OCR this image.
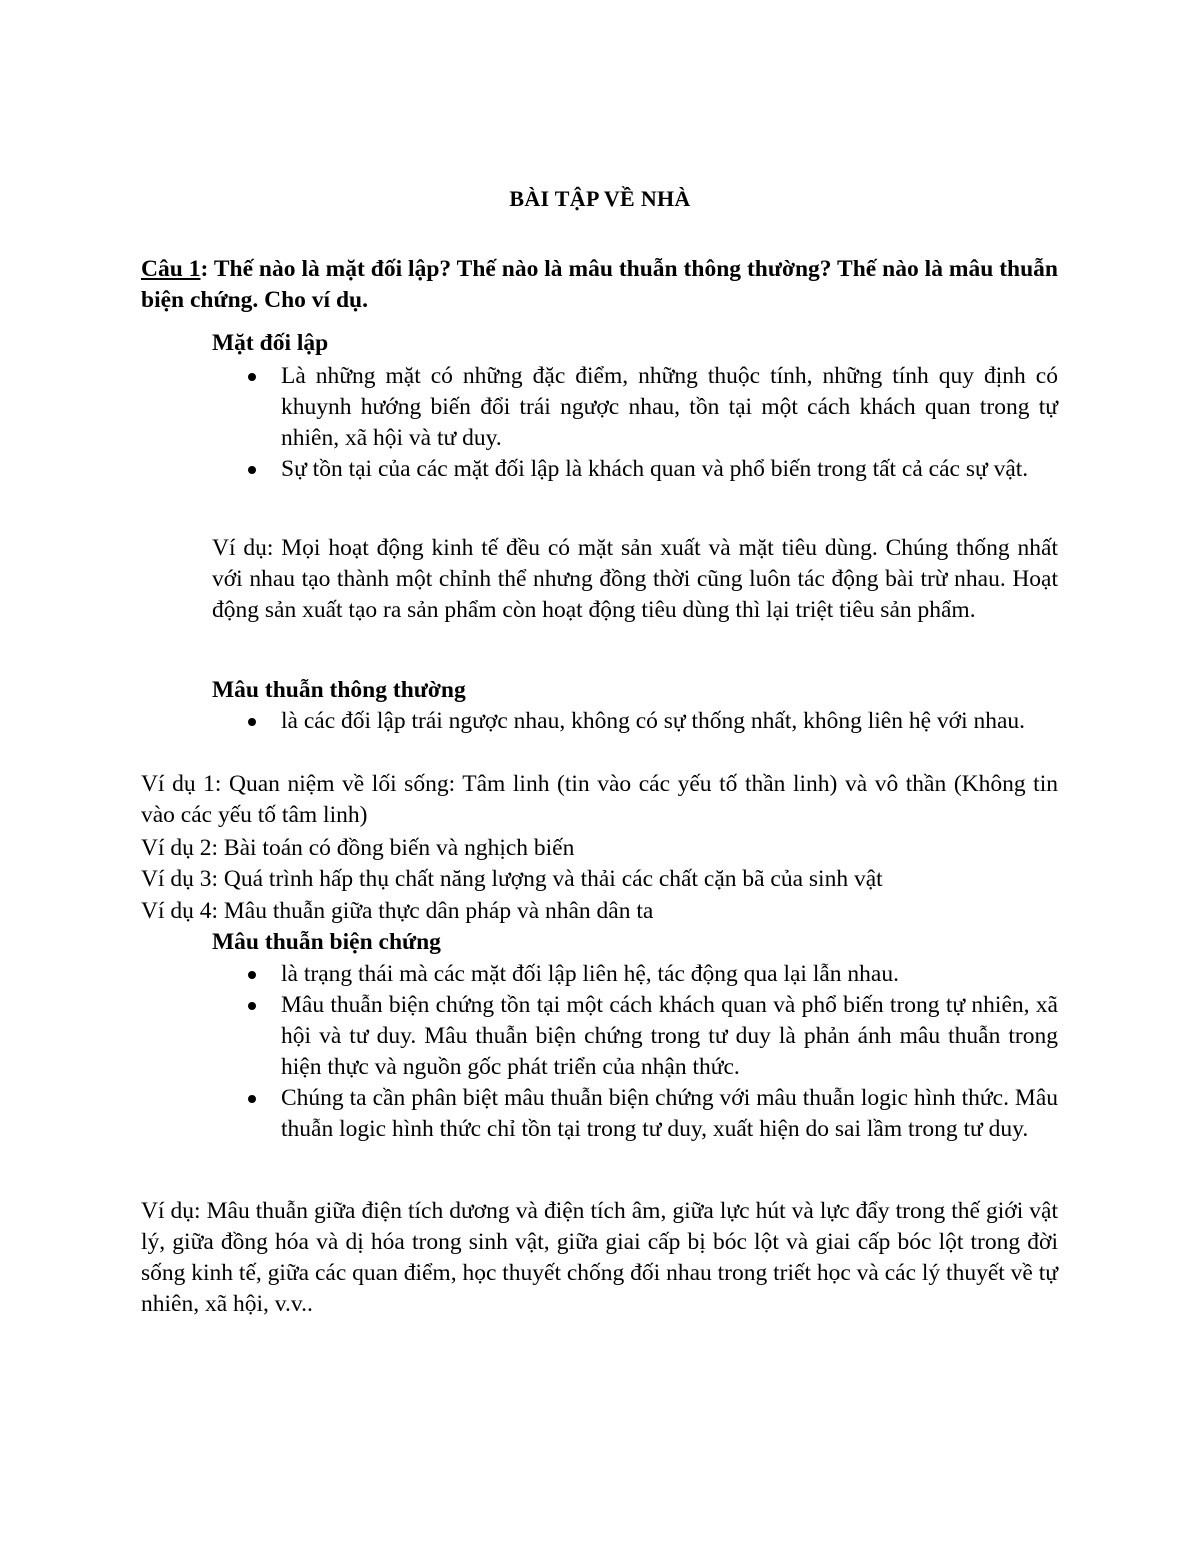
BÀI TẬP VỀ NHÀ
Câu 1: Thế nào là mặt đối lập? Thế nào là mâu thuẫn thông thường? Thế nào là mâu thuẫn biện chứng. Cho ví dụ.
Mặt đối lập
Là những mặt có những đặc điểm, những thuộc tính, những tính quy định có khuynh hướng biến đổi trái ngược nhau, tồn tại một cách khách quan trong tự nhiên, xã hội và tư duy.
Sự tồn tại của các mặt đối lập là khách quan và phổ biến trong tất cả các sự vật.
Ví dụ: Mọi hoạt động kinh tế đều có mặt sản xuất và mặt tiêu dùng. Chúng thống nhất với nhau tạo thành một chỉnh thể nhưng đồng thời cũng luôn tác động bài trừ nhau. Hoạt động sản xuất tạo ra sản phẩm còn hoạt động tiêu dùng thì lại triệt tiêu sản phẩm.
Mâu thuẫn thông thường
là các đối lập trái ngược nhau, không có sự thống nhất, không liên hệ với nhau.
Ví dụ 1: Quan niệm về lối sống: Tâm linh (tin vào các yếu tố thần linh) và vô thần (Không tin vào các yếu tố tâm linh)
Ví dụ 2: Bài toán có đồng biến và nghịch biến
Ví dụ 3: Quá trình hấp thụ chất năng lượng và thải các chất cặn bã của sinh vật
Ví dụ 4: Mâu thuẫn giữa thực dân pháp và nhân dân ta
Mâu thuẫn biện chứng
là trạng thái mà các mặt đối lập liên hệ, tác động qua lại lẫn nhau.
Mâu thuẫn biện chứng tồn tại một cách khách quan và phổ biến trong tự nhiên, xã hội và tư duy. Mâu thuẫn biện chứng trong tư duy là phản ánh mâu thuẫn trong hiện thực và nguồn gốc phát triển của nhận thức.
Chúng ta cần phân biệt mâu thuẫn biện chứng với mâu thuẫn logic hình thức. Mâu thuẫn logic hình thức chỉ tồn tại trong tư duy, xuất hiện do sai lầm trong tư duy.
Ví dụ: Mâu thuẫn giữa điện tích dương và điện tích âm, giữa lực hút và lực đẩy trong thế giới vật lý, giữa đồng hóa và dị hóa trong sinh vật, giữa giai cấp bị bóc lột và giai cấp bóc lột trong đời sống kinh tế, giữa các quan điểm, học thuyết chống đối nhau trong triết học và các lý thuyết về tự nhiên, xã hội, v.v..
